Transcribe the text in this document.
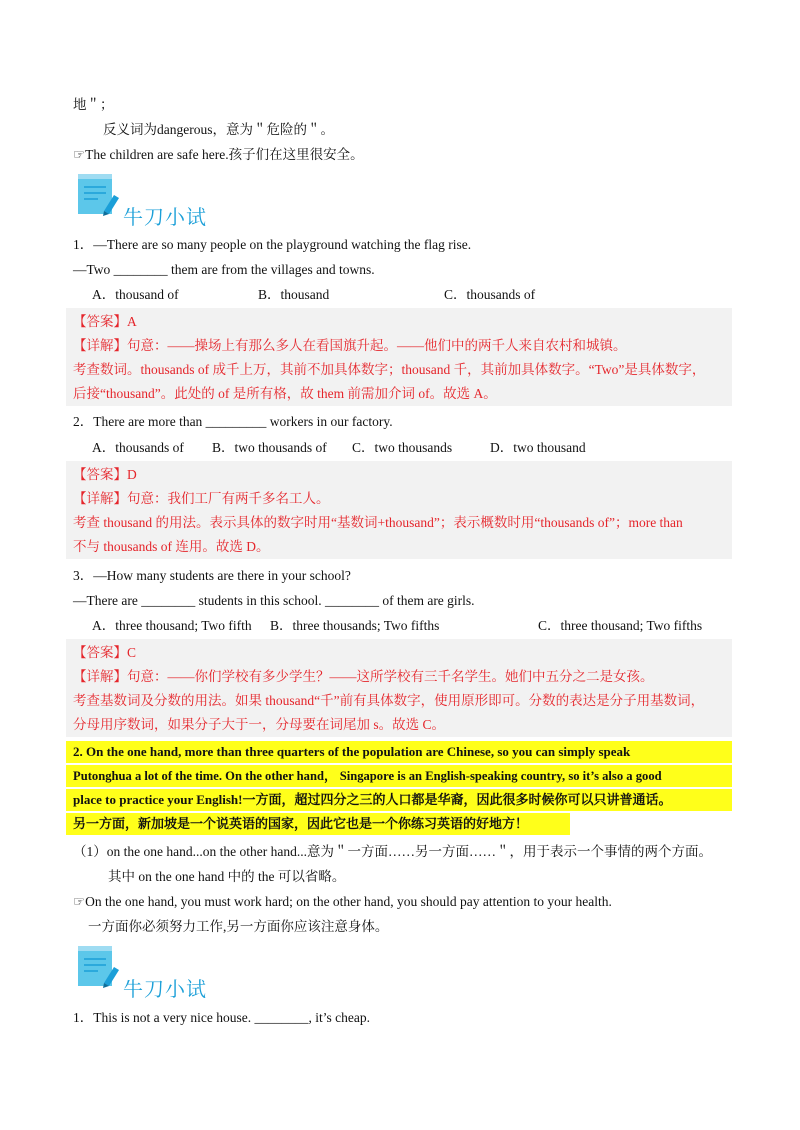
地＂；
反义词为dangerous，意为＂危险的＂。
☞The children are safe here.孩子们在这里很安全。
牛刀小试
1．—There are so many people on the playground watching the flag rise.
—Two ________ them are from the villages and towns.
A．thousand of	B．thousand	C．thousands of
【答案】A
【详解】句意：——操场上有那么多人在看国旗升起。——他们中的两千人来自农村和城镇。
考查数词。thousands of 成千上万，其前不加具体数字；thousand 千，其前加具体数字。“Two”是具体数字，
后接“thousand”。此处的 of 是所有格，故 them 前需加介词 of。故选 A。
2．There are more than _________ workers in our factory.
A．thousands of B．two thousands of C．two thousands	D．two thousand
【答案】D
【详解】句意：我们工厂有两千多名工人。
考查 thousand 的用法。表示具体的数字时用“基数词+thousand”；表示概数时用“thousands of”；more than
不与 thousands of 连用。故选 D。
3．—How many students are there in your school?
—There are ________ students in this school. ________ of them are girls.
A．three thousand; Two fifth B．three thousands; Two fifths	C．three thousand; Two fifths
【答案】C
【详解】句意：——你们学校有多少学生？——这所学校有三千名学生。她们中五分之二是女孩。
考查基数词及分数的用法。如果 thousand“千”前有具体数字，使用原形即可。分数的表达是分子用基数词，
分母用序数词，如果分子大于一，分母要在词尾加 s。故选 C。
2. On the one hand, more than three quarters of the population are Chinese, so you can simply speak
Putonghua a lot of the time. On the other hand， Singapore is an English-speaking country, so it’s also a good
place to practice your English!一方面，超过四分之三的人口都是华裔，因此很多时候你可以只讲普通话。
另一方面，新加坡是一个说英语的国家，因此它也是一个你练习英语的好地方！
（1）on the one hand...on the other hand...意为＂一方面……另一方面……＂，用于表示一个事情的两个方面。
其中 on the one hand 中的 the 可以省略。
☞On the one hand, you must work hard; on the other hand, you should pay attention to your health.
一方面你必须努力工作,另一方面你应该注意身体。
牛刀小试
1．This is not a very nice house. ________, it’s cheap.
